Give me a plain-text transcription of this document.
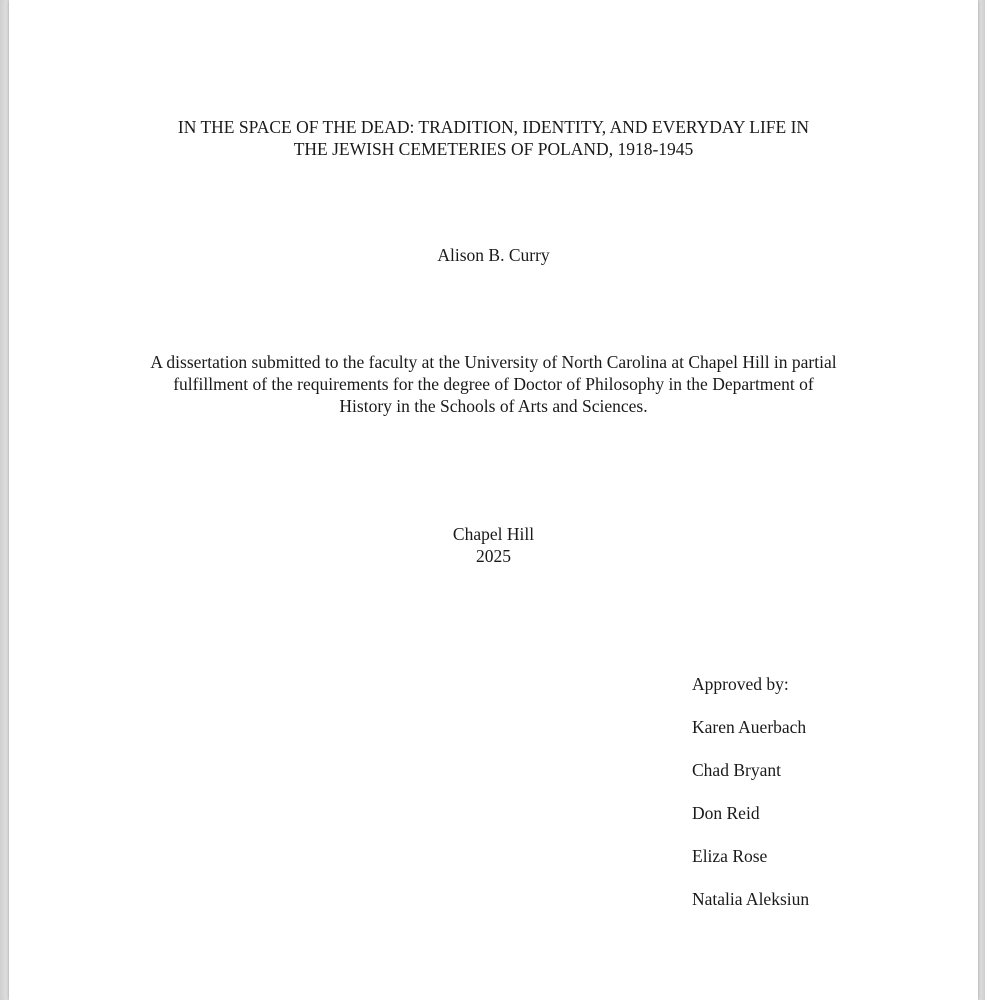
IN THE SPACE OF THE DEAD: TRADITION, IDENTITY, AND EVERYDAY LIFE IN
THE JEWISH CEMETERIES OF POLAND, 1918-1945
Alison B. Curry
A dissertation submitted to the faculty at the University of North Carolina at Chapel Hill in partial
fulfillment of the requirements for the degree of Doctor of Philosophy in the Department of
History in the Schools of Arts and Sciences.
Chapel Hill
2025
Approved by:
Karen Auerbach
Chad Bryant
Don Reid
Eliza Rose
Natalia Aleksiun
